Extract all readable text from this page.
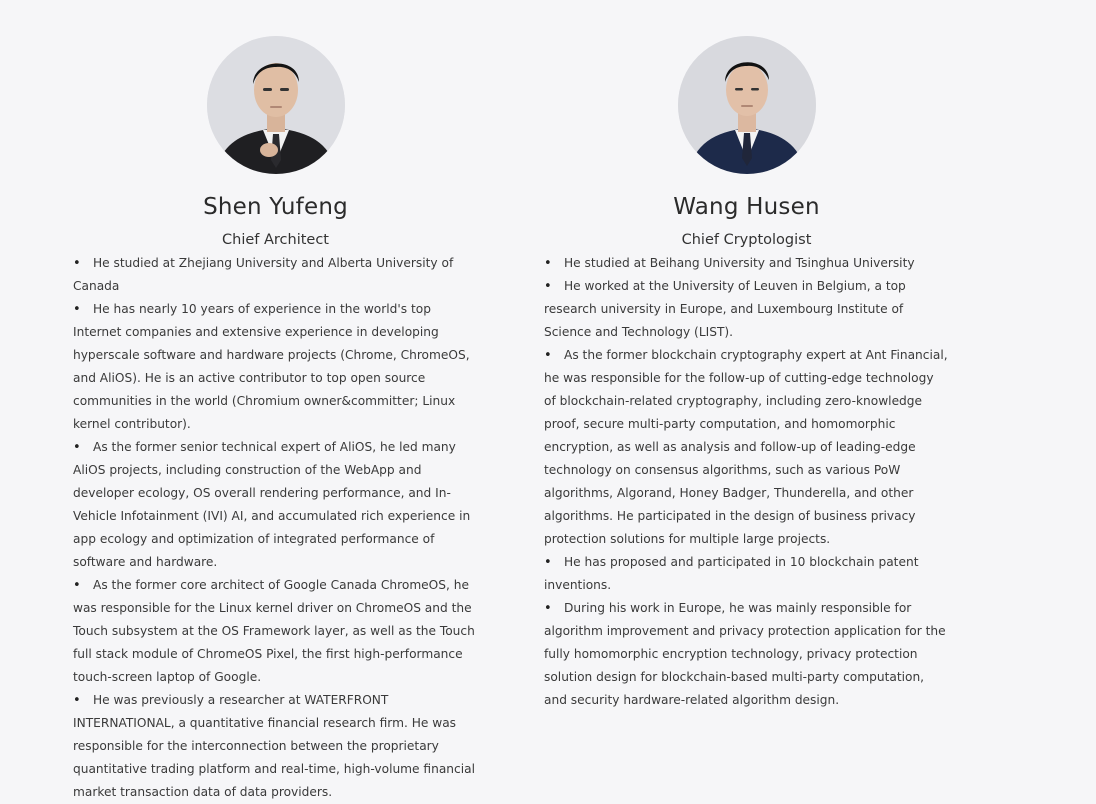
Shen Yufeng
Chief Architect
• He studied at Zhejiang University and Alberta University of Canada
• He has nearly 10 years of experience in the world's top Internet companies and extensive experience in developing hyperscale software and hardware projects (Chrome, ChromeOS, and AliOS). He is an active contributor to top open source communities in the world (Chromium owner&committer; Linux kernel contributor).
• As the former senior technical expert of AliOS, he led many AliOS projects, including construction of the WebApp and developer ecology, OS overall rendering performance, and In-Vehicle Infotainment (IVI) AI, and accumulated rich experience in app ecology and optimization of integrated performance of software and hardware.
• As the former core architect of Google Canada ChromeOS, he was responsible for the Linux kernel driver on ChromeOS and the Touch subsystem at the OS Framework layer, as well as the Touch full stack module of ChromeOS Pixel, the first high-performance touch-screen laptop of Google.
• He was previously a researcher at WATERFRONT INTERNATIONAL, a quantitative financial research firm. He was responsible for the interconnection between the proprietary quantitative trading platform and real-time, high-volume financial market transaction data of data providers.
Wang Husen
Chief Cryptologist
• He studied at Beihang University and Tsinghua University
• He worked at the University of Leuven in Belgium, a top research university in Europe, and Luxembourg Institute of Science and Technology (LIST).
• As the former blockchain cryptography expert at Ant Financial, he was responsible for the follow-up of cutting-edge technology of blockchain-related cryptography, including zero-knowledge proof, secure multi-party computation, and homomorphic encryption, as well as analysis and follow-up of leading-edge technology on consensus algorithms, such as various PoW algorithms, Algorand, Honey Badger, Thunderella, and other algorithms. He participated in the design of business privacy protection solutions for multiple large projects.
• He has proposed and participated in 10 blockchain patent inventions.
• During his work in Europe, he was mainly responsible for algorithm improvement and privacy protection application for the fully homomorphic encryption technology, privacy protection solution design for blockchain-based multi-party computation, and security hardware-related algorithm design.
